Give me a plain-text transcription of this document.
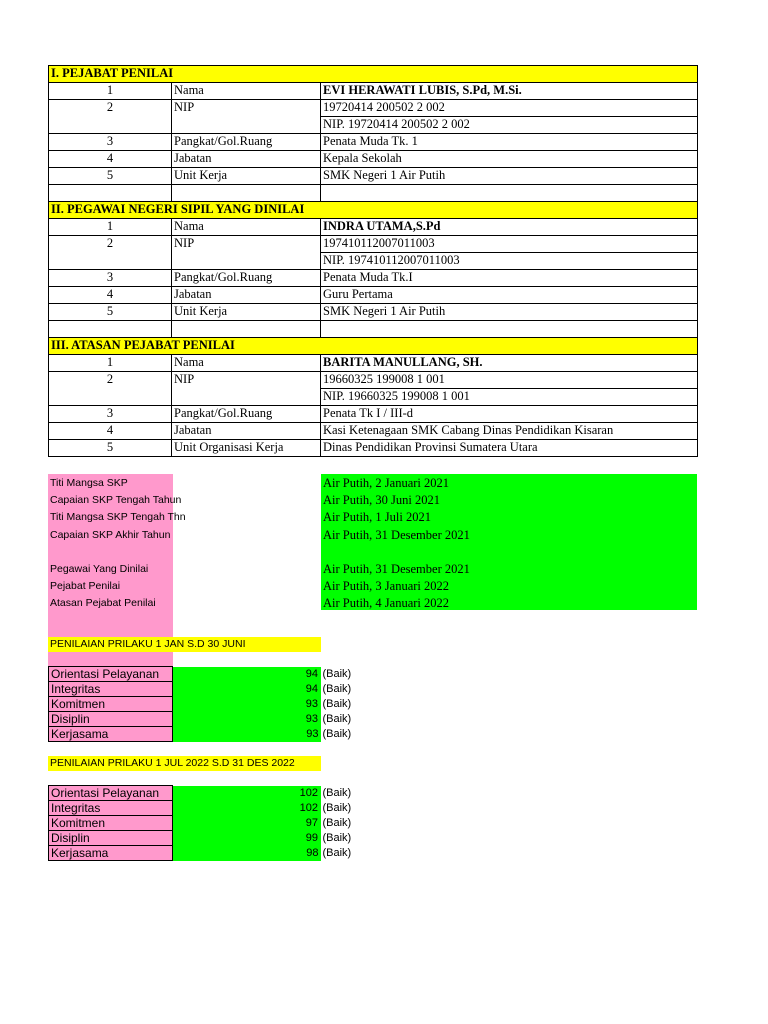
I. PEJABAT PENILAI		
1	Nama	EVI HERAWATI LUBIS, S.Pd, M.Si.
2	NIP	19720414 200502 2 002
		NIP. 19720414 200502 2 002
3	Pangkat/Gol.Ruang	Penata Muda Tk. 1
4	Jabatan	Kepala Sekolah
5	Unit Kerja	SMK Negeri 1 Air Putih

II. PEGAWAI NEGERI SIPIL YANG DINILAI		
1	Nama	INDRA UTAMA,S.Pd
2	NIP	197410112007011003
		NIP. 197410112007011003
3	Pangkat/Gol.Ruang	Penata Muda Tk.I
4	Jabatan	Guru Pertama
5	Unit Kerja	SMK Negeri 1 Air Putih

III. ATASAN PEJABAT PENILAI		
1	Nama	BARITA MANULLANG, SH.
2	NIP	19660325 199008 1 001
		NIP. 19660325 199008 1 001
3	Pangkat/Gol.Ruang	Penata Tk I / III-d
4	Jabatan	Kasi Ketenagaan SMK Cabang Dinas Pendidikan Kisaran
5	Unit Organisasi Kerja	Dinas Pendidikan Provinsi Sumatera Utara
Titi Mangsa SKP	Air Putih, 2 Januari 2021
Capaian SKP Tengah Tahun	Air Putih, 30 Juni 2021
Titi Mangsa SKP Tengah Thn	Air Putih, 1 Juli 2021
Capaian SKP Akhir Tahun	Air Putih, 31 Desember 2021
Pegawai Yang Dinilai	Air Putih, 31 Desember 2021
Pejabat Penilai	Air Putih, 3 Januari 2022
Atasan Pejabat Penilai	Air Putih, 4 Januari 2022
PENILAIAN PRILAKU 1 JAN S.D 30 JUNI
Orientasi Pelayanan	94	(Baik)
Integritas	94	(Baik)
Komitmen	93	(Baik)
Disiplin	93	(Baik)
Kerjasama	93	(Baik)
PENILAIAN PRILAKU 1 JUL 2022 S.D 31 DES 2022
Orientasi Pelayanan	102	(Baik)
Integritas	102	(Baik)
Komitmen	97	(Baik)
Disiplin	99	(Baik)
Kerjasama	98	(Baik)
